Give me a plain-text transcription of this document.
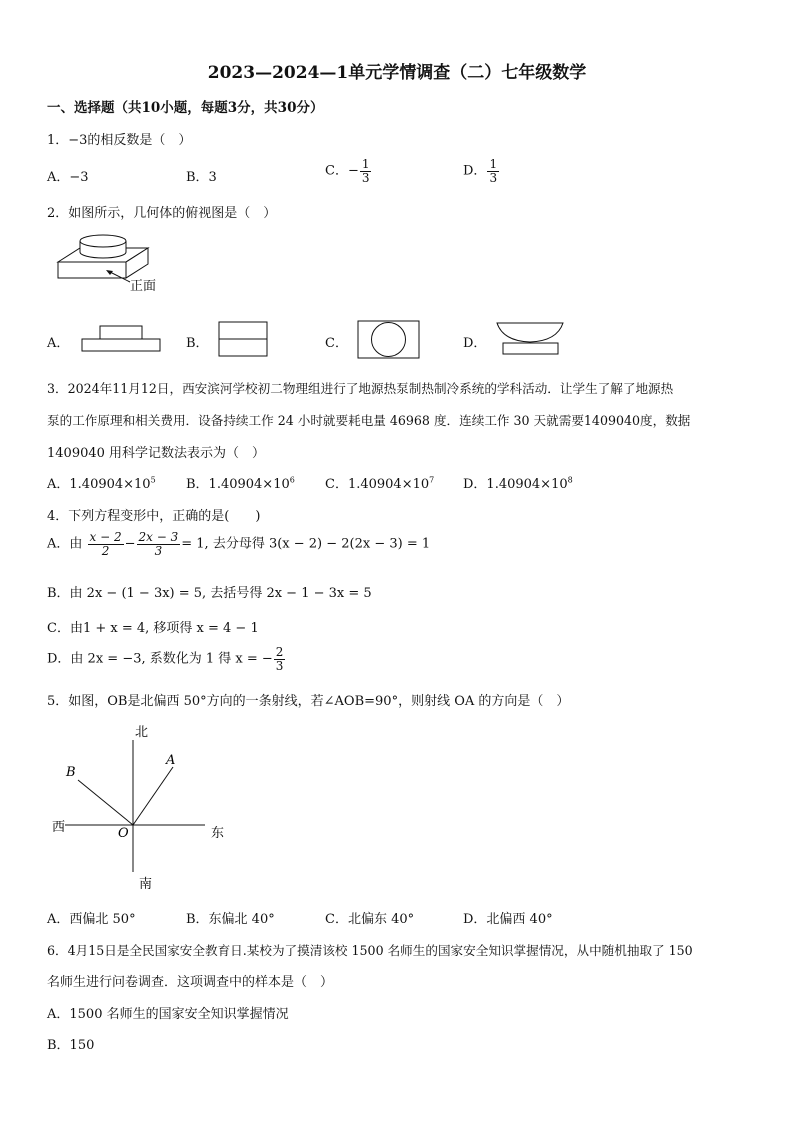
2023—2024—1单元学情调查（二）七年级数学
一、选择题（共10小题，每题3分，共30分）
1．−3的相反数是（　）
A．−3	B．3	C．− $\frac{1}{3}$	D． $\frac{1}{3}$
2．如图所示，几何体的俯视图是（　）
正面
A．	B．	C．	D．
3．2024年11月12日，西安滨河学校初二物理组进行了地源热泵制热制冷系统的学科活动．让学生了解了地源热
泵的工作原理和相关费用．设备持续工作 24 小时就要耗电量 46968 度．连续工作 30 天就需要1409040度，数据
1409040 用科学记数法表示为（　）
A．$1.40904\times 10^5$ B．$1.40904\times 10^6$ C．$1.40904\times 10^7$ D．$1.40904\times 10^8$
4．下列方程变形中，正确的是(　　)
A．由 $\frac{x - 2}{2} - \frac{2x - 3}{3} = 1$, 去分母得 3(x − 2) − 2(2x − 3) = 1
B．由 2x − (1 − 3x) = 5, 去括号得 2x − 1 − 3x = 5
C．由1 + x = 4, 移项得 x = 4 − 1
D．由 2x = −3, 系数化为 1 得 x = − $\frac{2}{3}$
5．如图，OB是北偏西 50°方向的一条射线，若∠AOB=90°，则射线 OA 的方向是（　）
北
南
西	东
O
A
B
A．西偏北 50°	B．东偏北 40°	C．北偏东 40°	D．北偏西 40°
6．4月15日是全民国家安全教育日.某校为了摸清该校 1500 名师生的国家安全知识掌握情况，从中随机抽取了 150
名师生进行问卷调查．这项调查中的样本是（　）
A．1500 名师生的国家安全知识掌握情况
B．150
